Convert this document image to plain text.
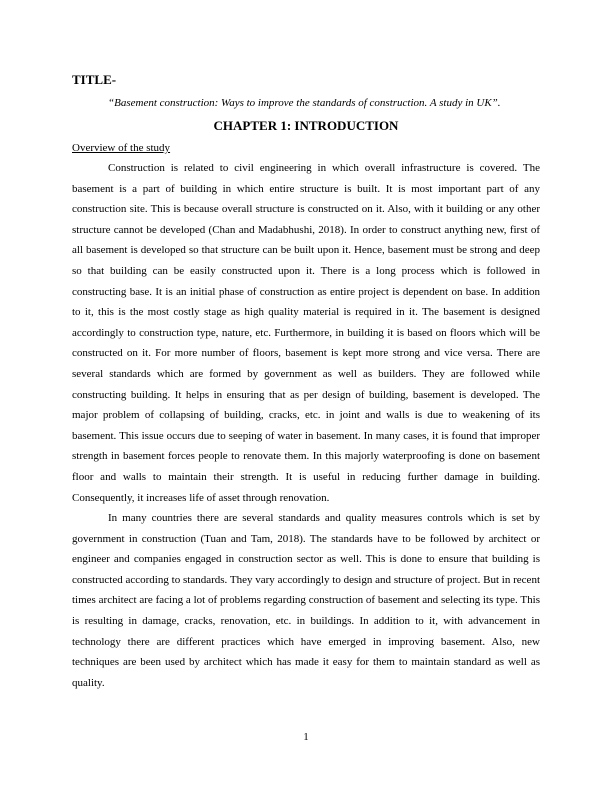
TITLE-
“Basement construction: Ways to improve the standards of construction. A study in UK”.
CHAPTER 1: INTRODUCTION
Overview of the study

Construction is related to civil engineering in which overall infrastructure is covered. The basement is a part of building in which entire structure is built. It is most important part of any construction site. This is because overall structure is constructed on it. Also, with it building or any other structure cannot be developed (Chan and Madabhushi, 2018). In order to construct anything new, first of all basement is developed so that structure can be built upon it. Hence, basement must be strong and deep so that building can be easily constructed upon it. There is a long process which is followed in constructing base. It is an initial phase of construction as entire project is dependent on base. In addition to it, this is the most costly stage as high quality material is required in it. The basement is designed accordingly to construction type, nature, etc. Furthermore, in building it is based on floors which will be constructed on it. For more number of floors, basement is kept more strong and vice versa. There are several standards which are formed by government as well as builders. They are followed while constructing building. It helps in ensuring that as per design of building, basement is developed. The major problem of collapsing of building, cracks, etc. in joint and walls is due to weakening of its basement. This issue occurs due to seeping of water in basement. In many cases, it is found that improper strength in basement forces people to renovate them. In this majorly waterproofing is done on basement floor and walls to maintain their strength. It is useful in reducing further damage in building. Consequently, it increases life of asset through renovation.

In many countries there are several standards and quality measures controls which is set by government in construction (Tuan and Tam, 2018). The standards have to be followed by architect or engineer and companies engaged in construction sector as well. This is done to ensure that building is constructed according to standards. They vary accordingly to design and structure of project. But in recent times architect are facing a lot of problems regarding construction of basement and selecting its type. This is resulting in damage, cracks, renovation, etc. in buildings. In addition to it, with advancement in technology there are different practices which have emerged in improving basement. Also, new techniques are been used by architect which has made it easy for them to maintain standard as well as quality.

1
